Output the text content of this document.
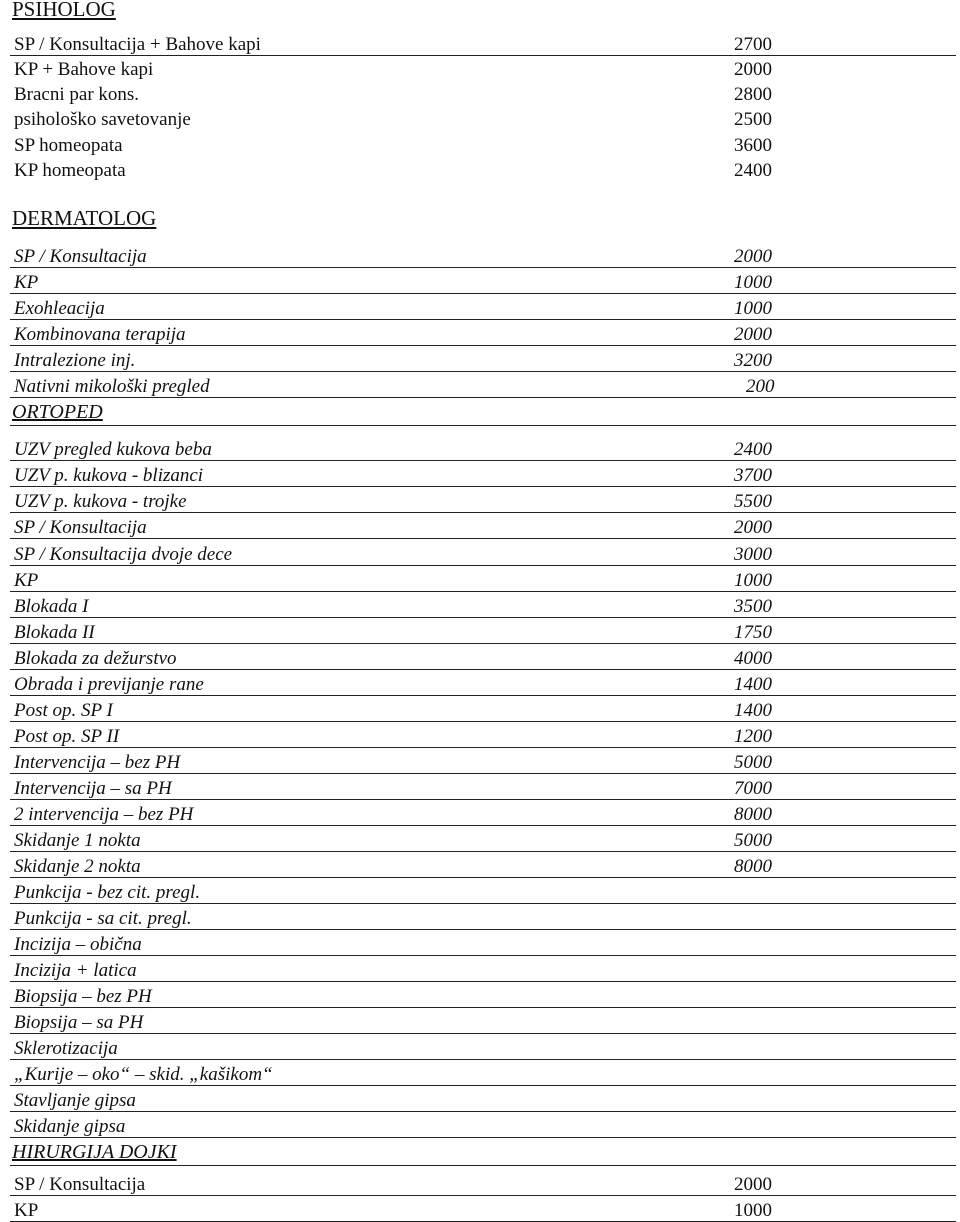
PSIHOLOG
SP / Konsultacija + Bahove kapi	2700
KP + Bahove kapi	2000
Bracni par kons.	2800
psihološko savetovanje	2500
SP homeopata	3600
KP homeopata	2400
DERMATOLOG
SP / Konsultacija	2000
KP	1000
Exohleacija	1000
Kombinovana terapija	2000
Intralezione inj.	3200
Nativni mikološki pregled	200
ORTOPED
UZV pregled kukova beba	2400
UZV p. kukova - blizanci	3700
UZV p. kukova - trojke	5500
SP / Konsultacija	2000
SP / Konsultacija dvoje dece	3000
KP	1000
Blokada I	3500
Blokada II	1750
Blokada za dežurstvo	4000
Obrada i previjanje rane	1400
Post op. SP I	1400
Post op. SP II	1200
Intervencija – bez PH	5000
Intervencija – sa PH	7000
2 intervencija – bez PH	8000
Skidanje 1 nokta	5000
Skidanje 2 nokta	8000
Punkcija - bez cit. pregl.
Punkcija - sa cit. pregl.
Incizija – obična
Incizija + latica
Biopsija – bez PH
Biopsija – sa PH
Sklerotizacija
„Kurije – oko“ – skid. „kašikom“
Stavljanje gipsa
Skidanje gipsa
HIRURGIJA DOJKI
SP / Konsultacija	2000
KP	1000
